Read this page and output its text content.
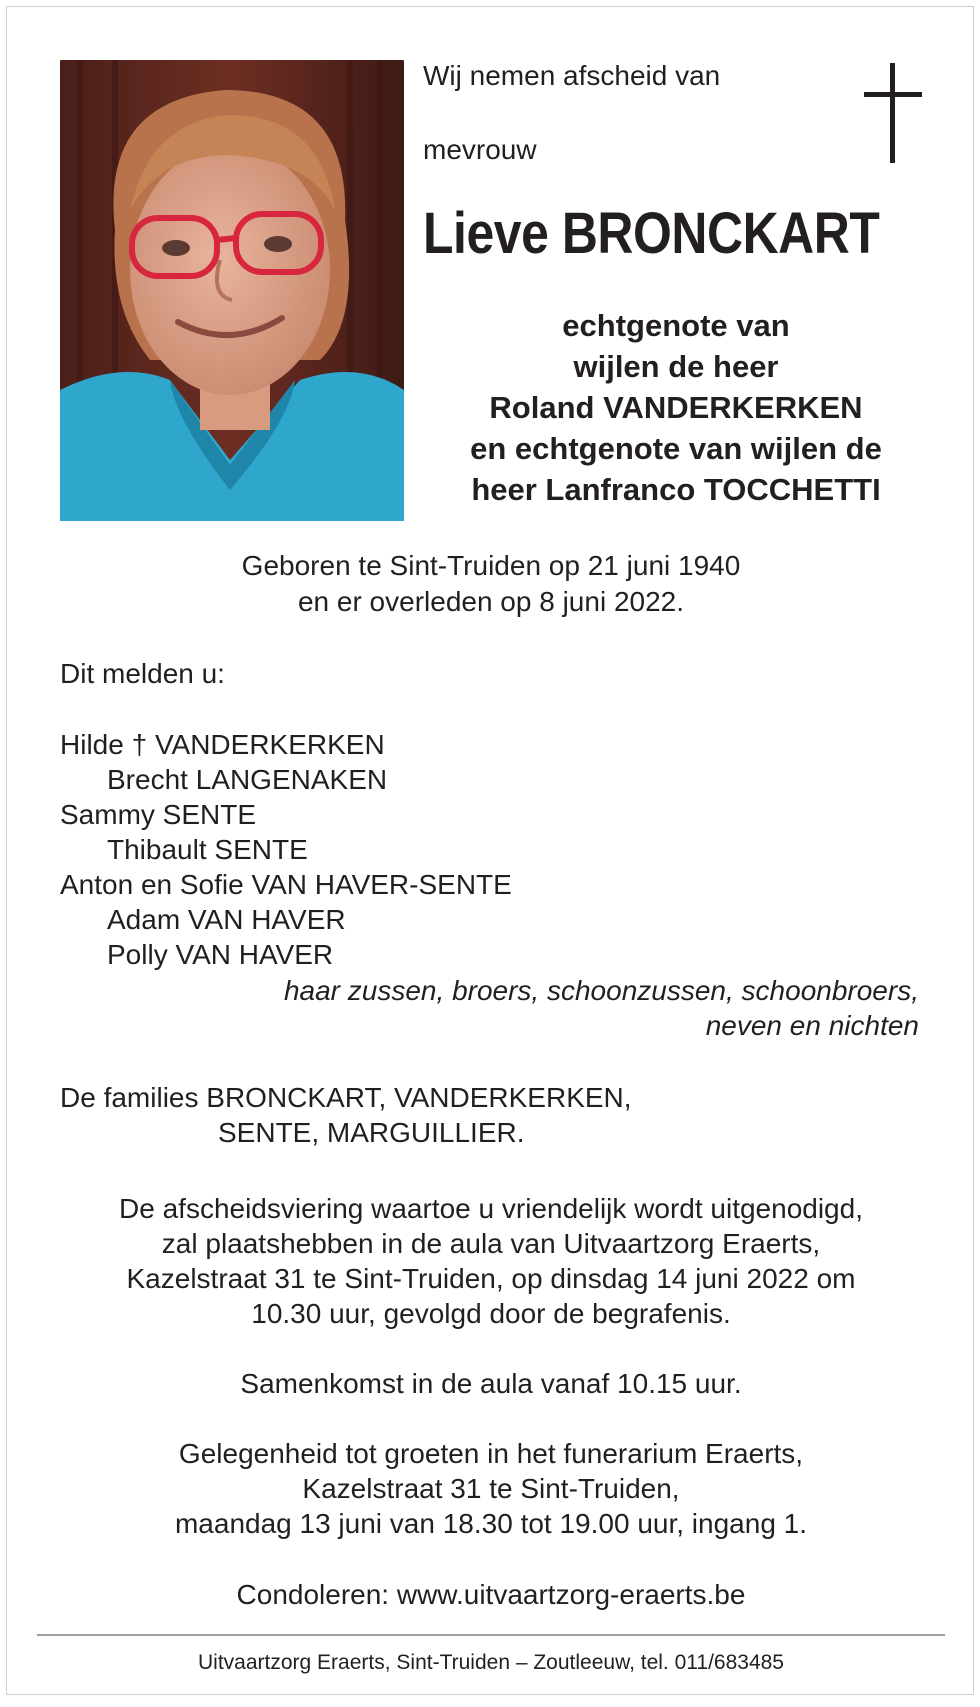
Wij nemen afscheid van
mevrouw
Lieve BRONCKART
echtgenote van
wijlen de heer
Roland VANDERKERKEN
en echtgenote van wijlen de
heer Lanfranco TOCCHETTI
Geboren te Sint-Truiden op 21 juni 1940
en er overleden op 8 juni 2022.
Dit melden u:
Hilde † VANDERKERKEN
Brecht LANGENAKEN
Sammy SENTE
Thibault SENTE
Anton en Sofie VAN HAVER-SENTE
Adam VAN HAVER
Polly VAN HAVER
haar zussen, broers, schoonzussen, schoonbroers,
neven en nichten
De families BRONCKART, VANDERKERKEN,
SENTE, MARGUILLIER.
De afscheidsviering waartoe u vriendelijk wordt uitgenodigd,
zal plaatshebben in de aula van Uitvaartzorg Eraerts,
Kazelstraat 31 te Sint-Truiden, op dinsdag 14 juni 2022 om
10.30 uur, gevolgd door de begrafenis.
Samenkomst in de aula vanaf 10.15 uur.
Gelegenheid tot groeten in het funerarium Eraerts,
Kazelstraat 31 te Sint-Truiden,
maandag 13 juni van 18.30 tot 19.00 uur, ingang 1.
Condoleren: www.uitvaartzorg-eraerts.be
Uitvaartzorg Eraerts, Sint-Truiden – Zoutleeuw, tel. 011/683485
